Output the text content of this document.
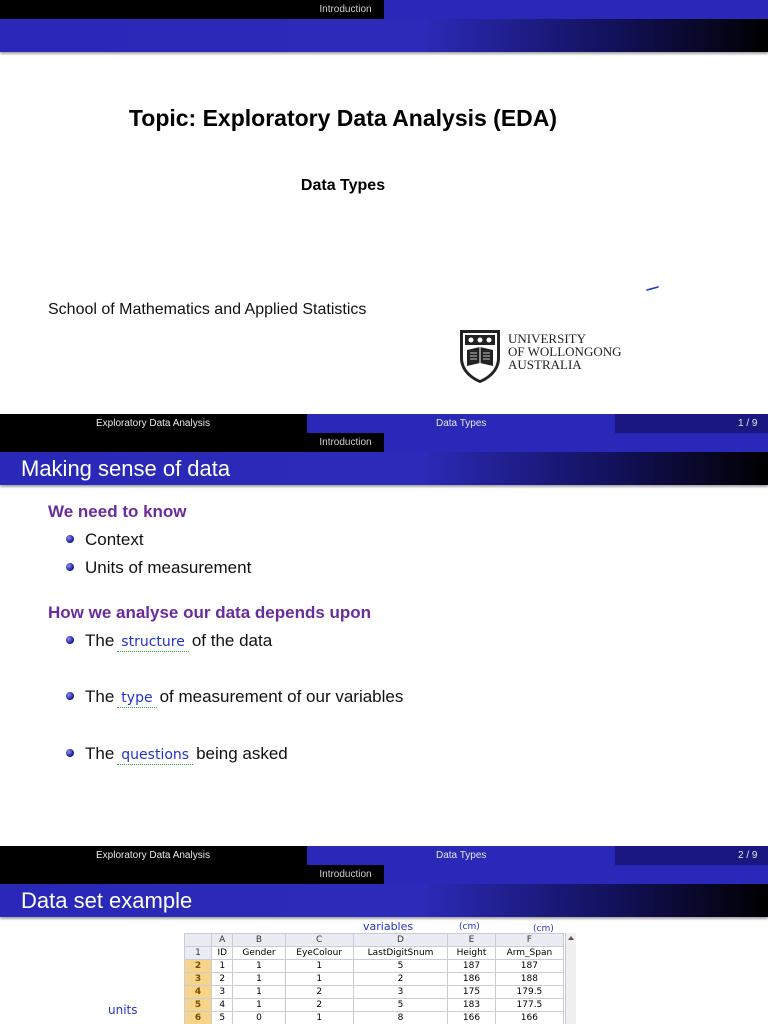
Introduction
Topic: Exploratory Data Analysis (EDA)
Data Types
School of Mathematics and Applied Statistics
UNIVERSITY
OF WOLLONGONG
AUSTRALIA
Exploratory Data Analysis	Data Types	1 / 9
Introduction
Making sense of data
We need to know
Context
Units of measurement
How we analyse our data depends upon
The structure of the data
The type of measurement of our variables
The questions being asked
Exploratory Data Analysis	Data Types	2 / 9
Introduction
Data set example
variables	(cm)	(cm)
units
	A	B	C	D	E	F
1	ID	Gender	EyeColour	LastDigitSnum	Height	Arm_Span
2	1	1	1	5	187	187
3	2	1	1	2	186	188
4	3	1	2	3	175	179.5
5	4	1	2	5	183	177.5
6	5	0	1	8	166	166
